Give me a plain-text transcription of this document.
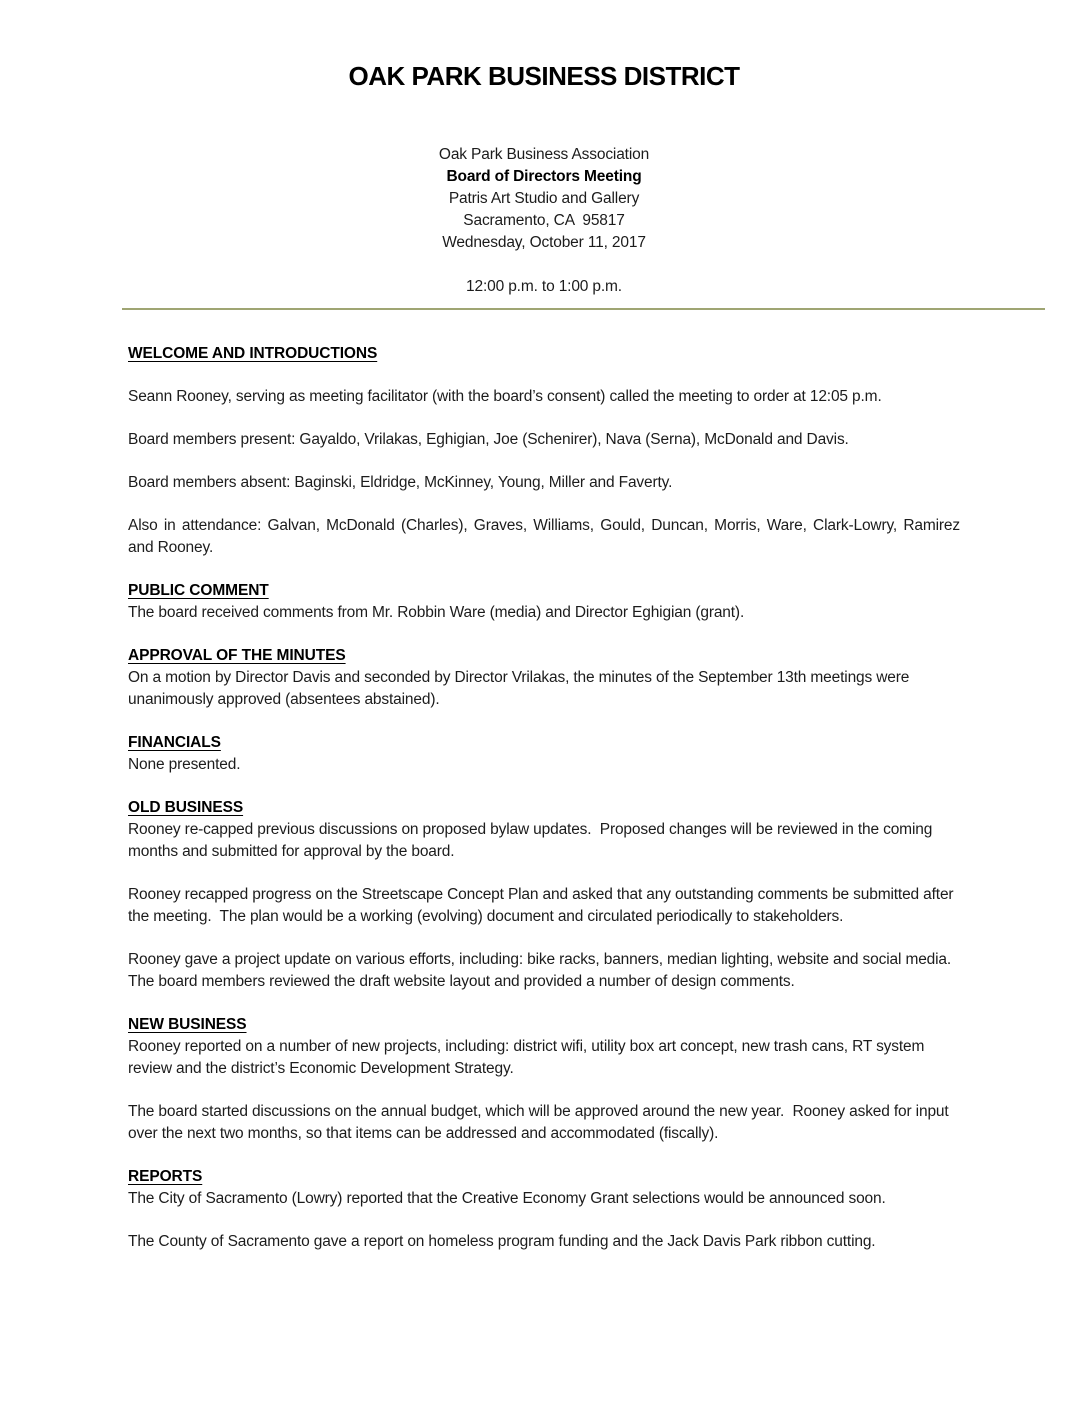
OAK PARK BUSINESS DISTRICT
Oak Park Business Association
Board of Directors Meeting
Patris Art Studio and Gallery
Sacramento, CA  95817
Wednesday, October 11, 2017
12:00 p.m. to 1:00 p.m.
WELCOME AND INTRODUCTIONS

Seann Rooney, serving as meeting facilitator (with the board’s consent) called the meeting to order at 12:05 p.m.

Board members present: Gayaldo, Vrilakas, Eghigian, Joe (Schenirer), Nava (Serna), McDonald and Davis.

Board members absent: Baginski, Eldridge, McKinney, Young, Miller and Faverty.

Also in attendance: Galvan, McDonald (Charles), Graves, Williams, Gould, Duncan, Morris, Ware, Clark-Lowry, Ramirez and Rooney.

PUBLIC COMMENT

The board received comments from Mr. Robbin Ware (media) and Director Eghigian (grant).

APPROVAL OF THE MINUTES

On a motion by Director Davis and seconded by Director Vrilakas, the minutes of the September 13th meetings were unanimously approved (absentees abstained).

FINANCIALS

None presented.

OLD BUSINESS

Rooney re-capped previous discussions on proposed bylaw updates.  Proposed changes will be reviewed in the coming months and submitted for approval by the board.

Rooney recapped progress on the Streetscape Concept Plan and asked that any outstanding comments be submitted after the meeting.  The plan would be a working (evolving) document and circulated periodically to stakeholders.

Rooney gave a project update on various efforts, including: bike racks, banners, median lighting, website and social media.  The board members reviewed the draft website layout and provided a number of design comments.

NEW BUSINESS

Rooney reported on a number of new projects, including: district wifi, utility box art concept, new trash cans, RT system review and the district’s Economic Development Strategy.

The board started discussions on the annual budget, which will be approved around the new year.  Rooney asked for input over the next two months, so that items can be addressed and accommodated (fiscally).

REPORTS

The City of Sacramento (Lowry) reported that the Creative Economy Grant selections would be announced soon.

The County of Sacramento gave a report on homeless program funding and the Jack Davis Park ribbon cutting.
